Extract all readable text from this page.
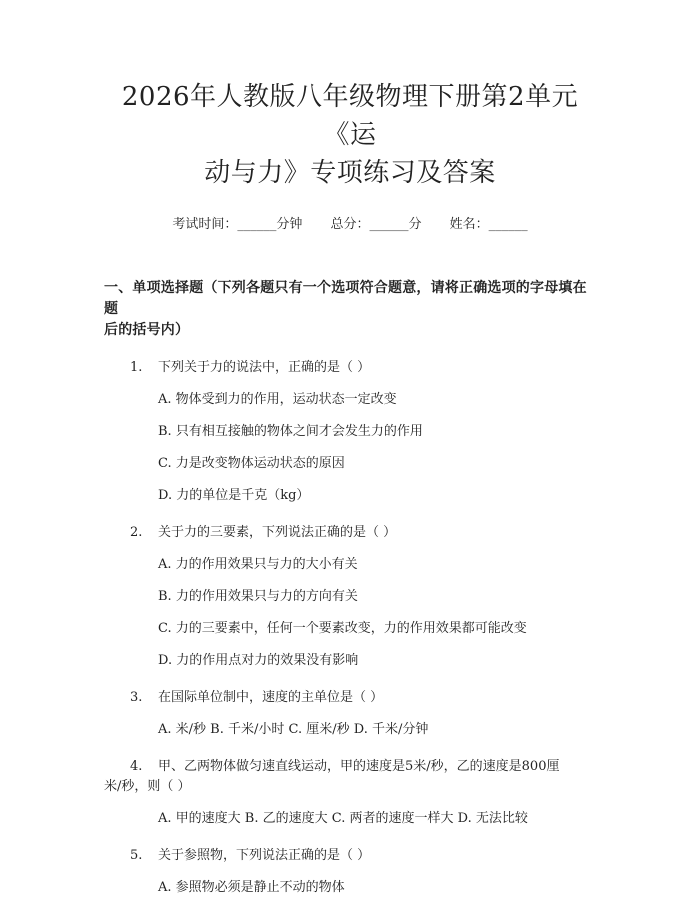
2026年人教版八年级物理下册第2单元《运
动与力》专项练习及答案
考试时间：______分钟 总分：______分 姓名：______
一、单项选择题（下列各题只有一个选项符合题意，请将正确选项的字母填在题
后的括号内）
1.	下列关于力的说法中，正确的是（ ）
A. 物体受到力的作用，运动状态一定改变
B. 只有相互接触的物体之间才会发生力的作用
C. 力是改变物体运动状态的原因
D. 力的单位是千克（kg）
2.	关于力的三要素，下列说法正确的是（ ）
A. 力的作用效果只与力的大小有关
B. 力的作用效果只与力的方向有关
C. 力的三要素中，任何一个要素改变，力的作用效果都可能改变
D. 力的作用点对力的效果没有影响
3.	在国际单位制中，速度的主单位是（ ）
A. 米/秒 B. 千米/小时 C. 厘米/秒 D. 千米/分钟
4.	甲、乙两物体做匀速直线运动，甲的速度是5米/秒，乙的速度是800厘
米/秒，则（ ）
A. 甲的速度大 B. 乙的速度大 C. 两者的速度一样大 D. 无法比较
5.	关于参照物，下列说法正确的是（ ）
A. 参照物必须是静止不动的物体
